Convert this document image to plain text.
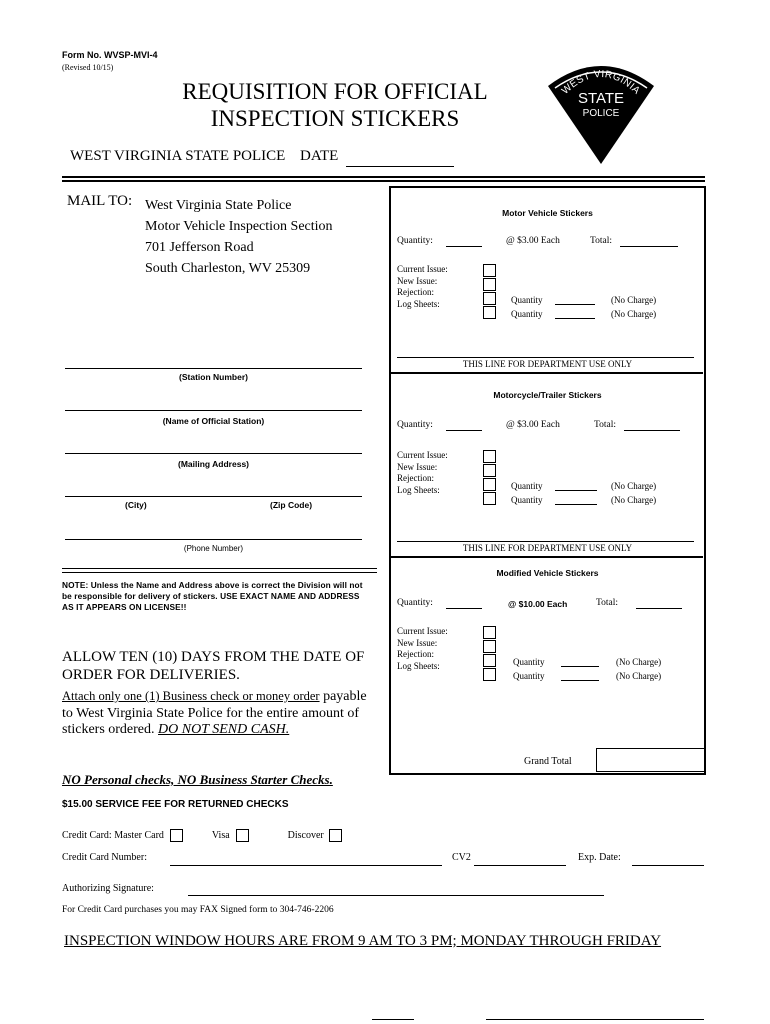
Form No. WVSP-MVI-4
(Revised 10/15)
REQUISITION FOR OFFICIAL
INSPECTION STICKERS
WEST VIRGINIA
STATE
POLICE
WEST VIRGINIA STATE POLICE DATE
MAIL TO: West Virginia State Police
Motor Vehicle Inspection Section
701 Jefferson Road
South Charleston, WV 25309
(Station Number)
(Name of Official Station)
(Mailing Address)
(City)	(Zip Code)
(Phone Number)
NOTE: Unless the Name and Address above is correct the Division will not be responsible for delivery of stickers. USE EXACT NAME AND ADDRESS AS IT APPEARS ON LICENSE!!
ALLOW TEN (10) DAYS FROM THE DATE OF ORDER FOR DELIVERIES.
Attach only one (1) Business check or money order payable to West Virginia State Police for the entire amount of stickers ordered. DO NOT SEND CASH.
NO Personal checks, NO Business Starter Checks.
$15.00 SERVICE FEE FOR RETURNED CHECKS
Motor Vehicle Stickers
Quantity:	@ $3.00 Each	Total:
Current Issue:
New Issue:
Rejection:
Log Sheets:	Quantity	(No Charge)
Quantity	(No Charge)
THIS LINE FOR DEPARTMENT USE ONLY
Motorcycle/Trailer Stickers
Quantity:	@ $3.00 Each	Total:
Current Issue:
New Issue:
Rejection:
Log Sheets:	Quantity	(No Charge)
Quantity	(No Charge)
THIS LINE FOR DEPARTMENT USE ONLY
Modified Vehicle Stickers
Quantity:	@ $10.00 Each	Total:
Current Issue:
New Issue:
Rejection:
Log Sheets:	Quantity	(No Charge)
Quantity	(No Charge)
Grand Total
Credit Card: Master Card	Visa	Discover
Credit Card Number:	CV2	Exp. Date:
Authorizing Signature:
For Credit Card purchases you may FAX Signed form to 304-746-2206
INSPECTION WINDOW HOURS ARE FROM 9 AM TO 3 PM; MONDAY THROUGH FRIDAY
